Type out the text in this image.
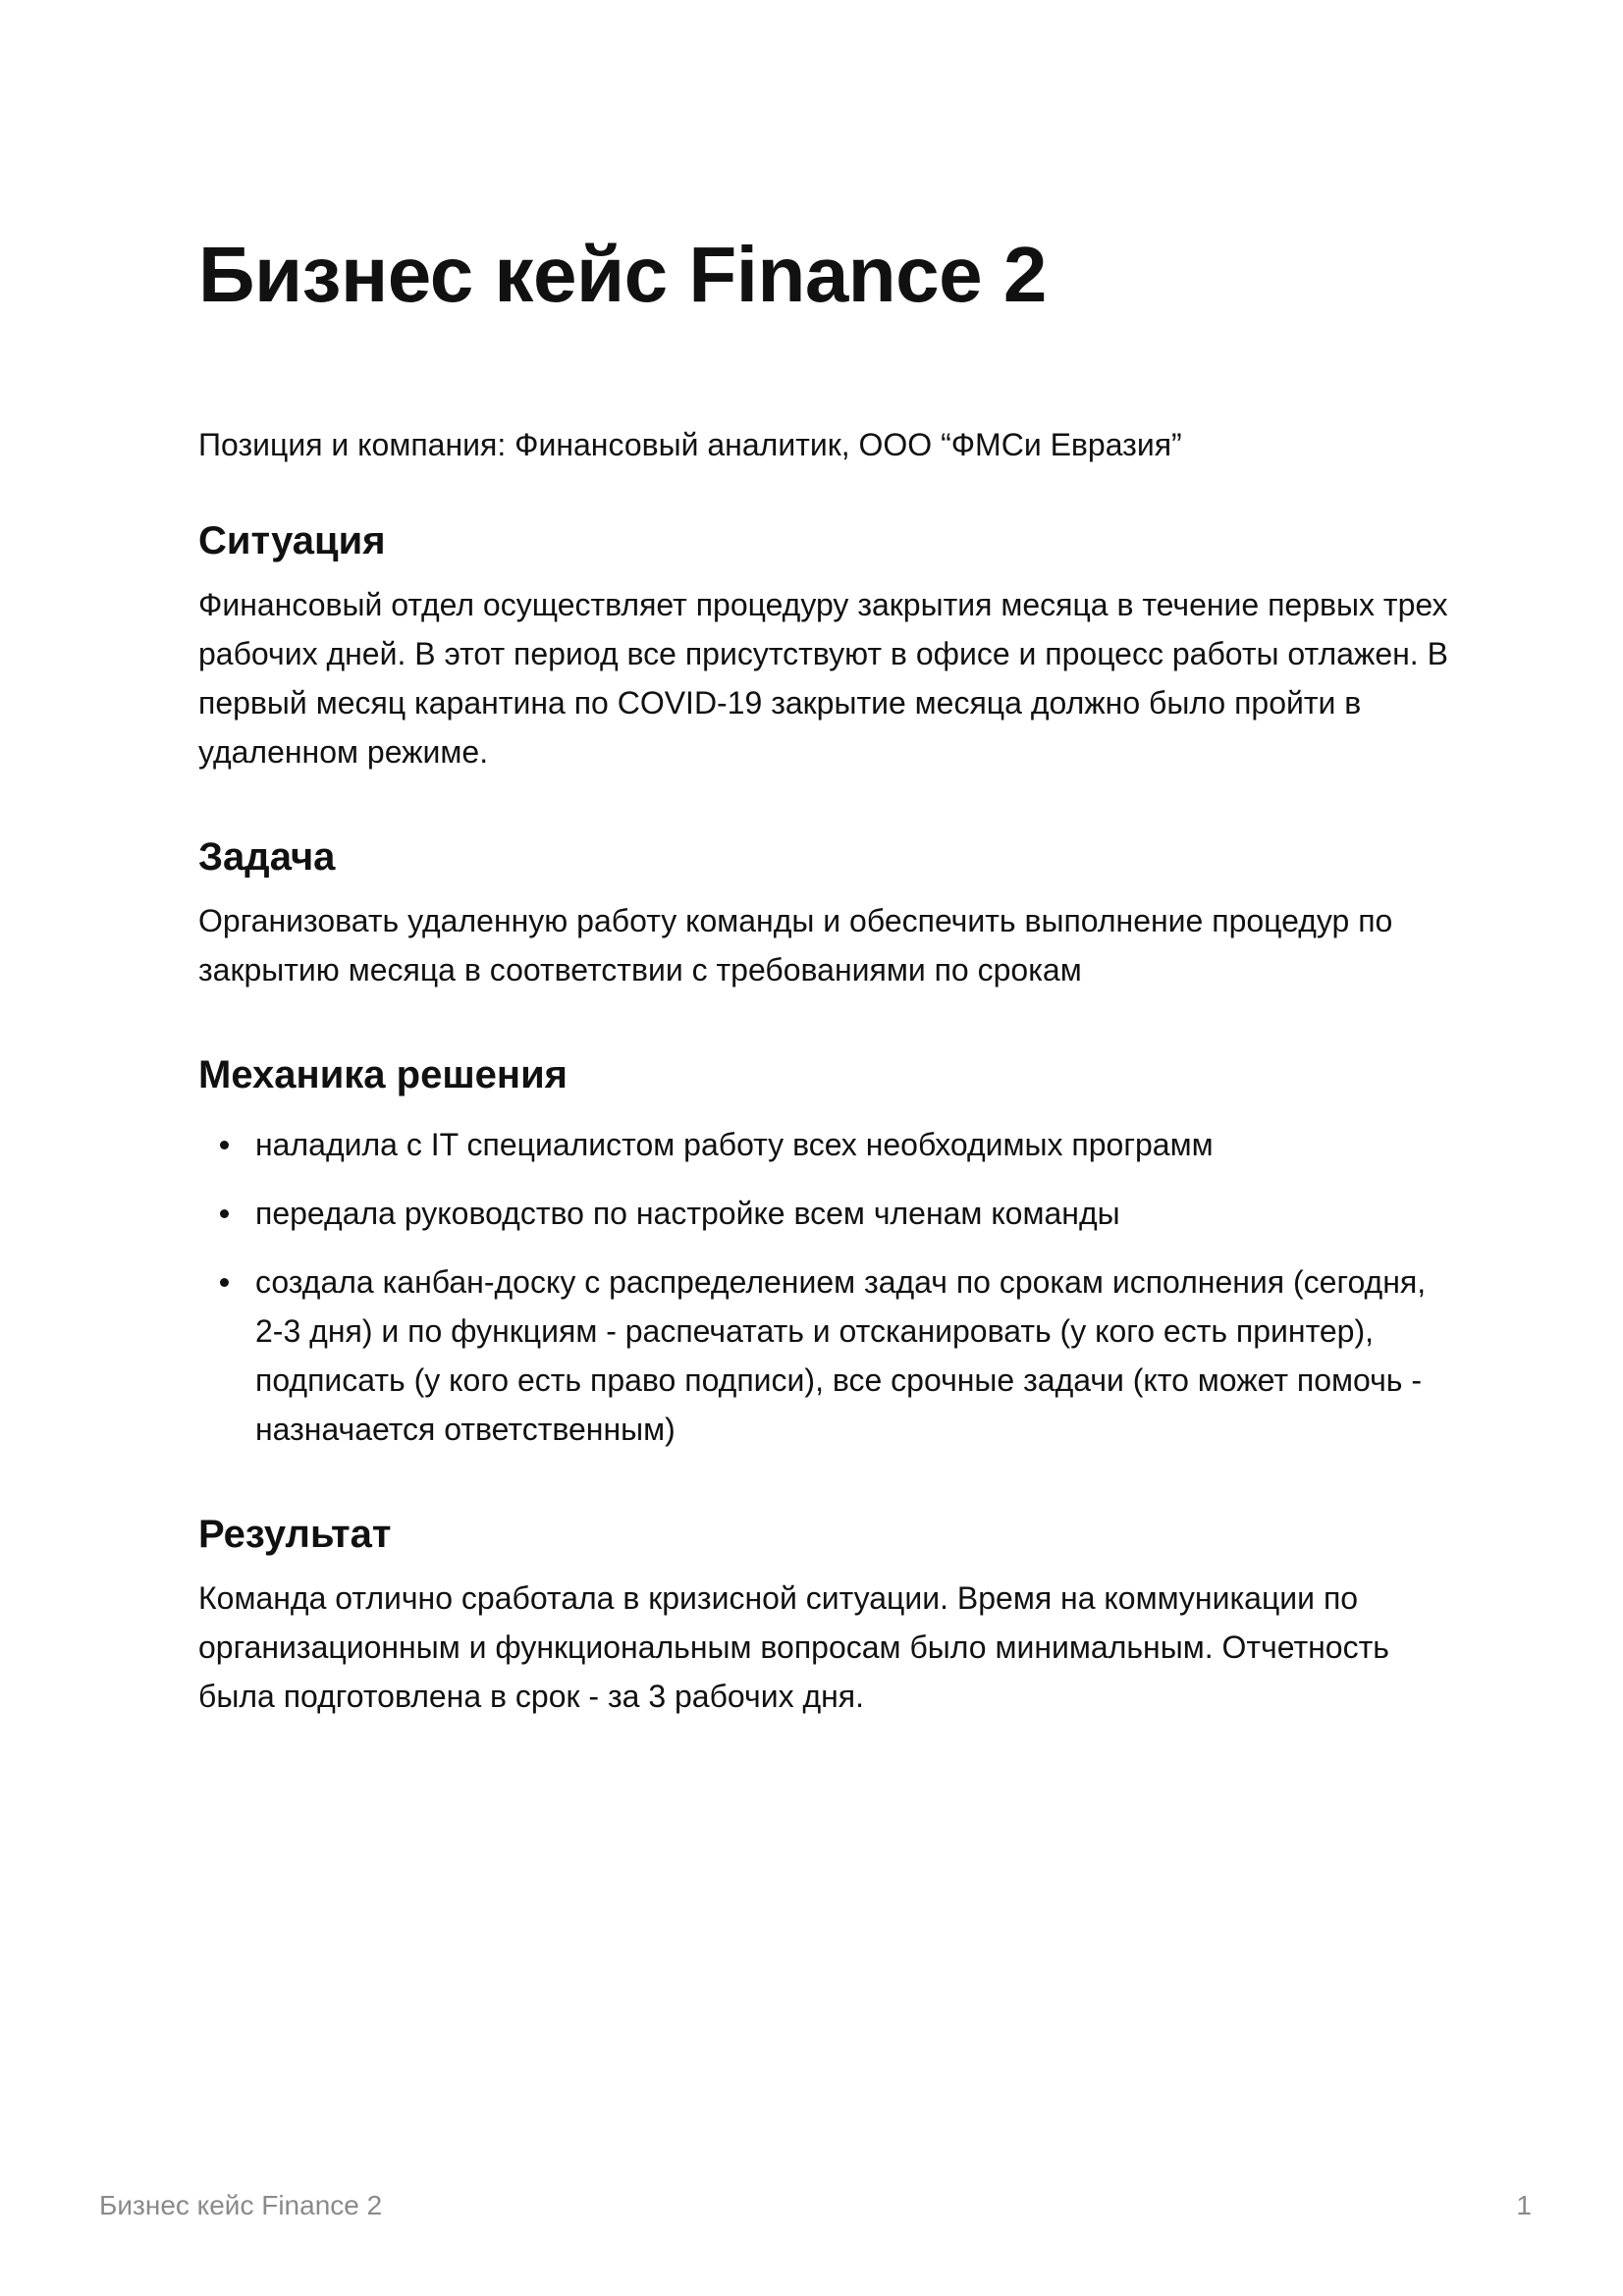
Бизнес кейс Finance 2

Позиция и компания: Финансовый аналитик, ООО “ФМСи Евразия”

Ситуация

Финансовый отдел осуществляет процедуру закрытия месяца в течение первых трех рабочих дней. В этот период все присутствуют в офисе и процесс работы отлажен. В первый месяц карантина по COVID-19 закрытие месяца должно было пройти в удаленном режиме.

Задача

Организовать удаленную работу команды и обеспечить выполнение процедур по закрытию месяца в соответствии с требованиями по срокам

Механика решения
наладила с IT специалистом работу всех необходимых программ
передала руководство по настройке всем членам команды
создала канбан-доску с распределением задач по срокам исполнения (сегодня, 2-3 дня) и по функциям - распечатать и отсканировать (у кого есть принтер), подписать (у кого есть право подписи), все срочные задачи (кто может помочь - назначается ответственным)
Результат

Команда отлично сработала в кризисной ситуации. Время на коммуникации по организационным и функциональным вопросам было минимальным. Отчетность была подготовлена в срок - за 3 рабочих дня.

Бизнес кейс Finance 2	1
